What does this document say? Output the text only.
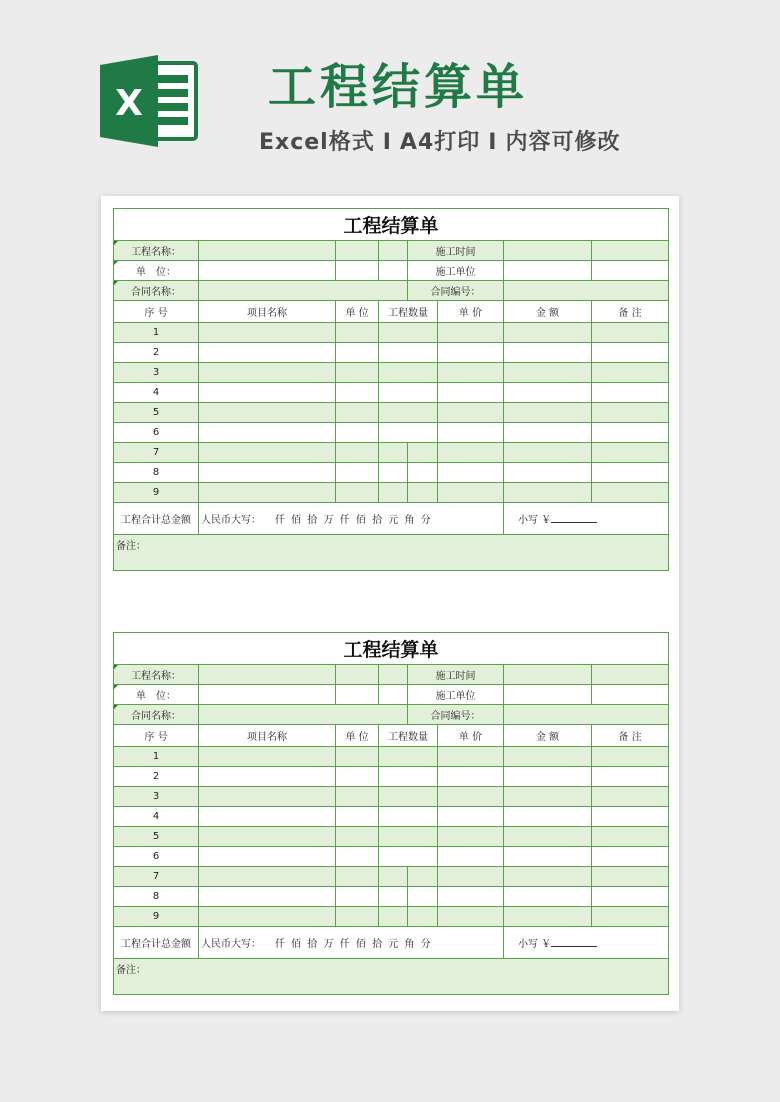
X	工程结算单
Excel格式 I A4打印 I 内容可修改
工程结算单							
工程名称：				施工时间			
单　位：				施工单位			
合同名称：				合同编号：			
序 号	项目名称	单 位	工程数量		单 价	金 额	备 注
1							
2							
3							
4							
5							
6							
7							
8							
9							
工程合计总金额	人民币大写： 仟 佰 拾 万 仟 佰 拾 元 角 分					小写 ￥	
备注：							
工程结算单							
工程名称：				施工时间			
单　位：				施工单位			
合同名称：				合同编号：			
序 号	项目名称	单 位	工程数量		单 价	金 额	备 注
1							
2							
3							
4							
5							
6							
7							
8							
9							
工程合计总金额	人民币大写： 仟 佰 拾 万 仟 佰 拾 元 角 分					小写 ￥	
备注：							
